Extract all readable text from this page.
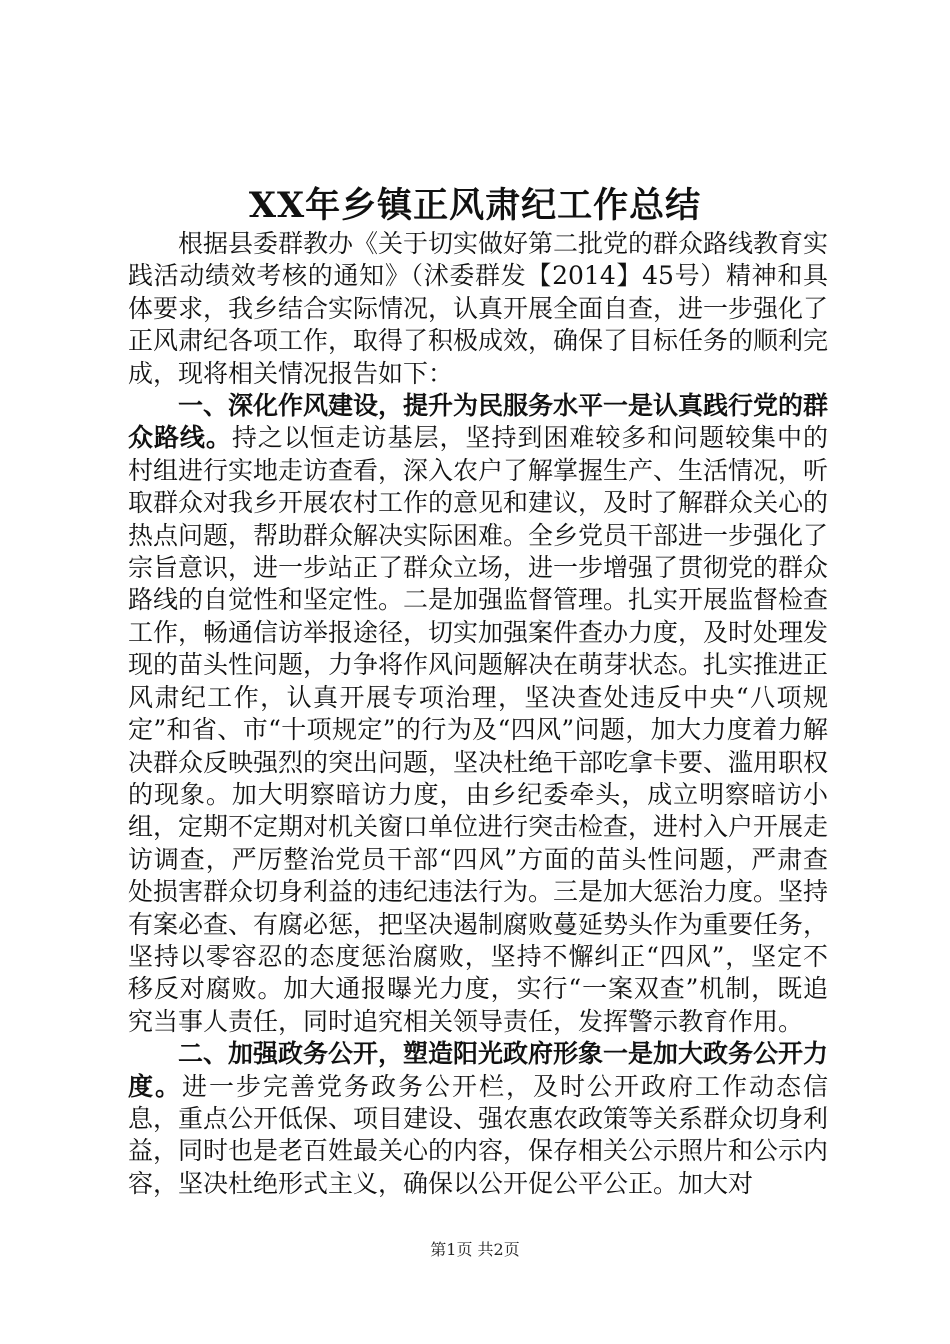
XX年乡镇正风肃纪工作总结

根据县委群教办《关于切实做好第二批党的群众路线教育实践活动绩效考核的通知》（沭委群发【2014】45号）精神和具体要求，我乡结合实际情况，认真开展全面自查，进一步强化了正风肃纪各项工作，取得了积极成效，确保了目标任务的顺利完成，现将相关情况报告如下：

一、深化作风建设，提升为民服务水平一是认真践行党的群众路线。持之以恒走访基层，坚持到困难较多和问题较集中的村组进行实地走访查看，深入农户了解掌握生产、生活情况，听取群众对我乡开展农村工作的意见和建议，及时了解群众关心的热点问题，帮助群众解决实际困难。全乡党员干部进一步强化了宗旨意识，进一步站正了群众立场，进一步增强了贯彻党的群众路线的自觉性和坚定性。二是加强监督管理。扎实开展监督检查工作，畅通信访举报途径，切实加强案件查办力度，及时处理发现的苗头性问题，力争将作风问题解决在萌芽状态。扎实推进正风肃纪工作，认真开展专项治理，坚决查处违反中央“八项规定”和省、市“十项规定”的行为及“四风”问题，加大力度着力解决群众反映强烈的突出问题，坚决杜绝干部吃拿卡要、滥用职权的现象。加大明察暗访力度，由乡纪委牵头，成立明察暗访小组，定期不定期对机关窗口单位进行突击检查，进村入户开展走访调查，严厉整治党员干部“四风”方面的苗头性问题，严肃查处损害群众切身利益的违纪违法行为。三是加大惩治力度。坚持有案必查、有腐必惩，把坚决遏制腐败蔓延势头作为重要任务，坚持以零容忍的态度惩治腐败，坚持不懈纠正“四风”，坚定不移反对腐败。加大通报曝光力度，实行“一案双查”机制，既追究当事人责任，同时追究相关领导责任，发挥警示教育作用。

二、加强政务公开，塑造阳光政府形象一是加大政务公开力度。进一步完善党务政务公开栏，及时公开政府工作动态信息，重点公开低保、项目建设、强农惠农政策等关系群众切身利益，同时也是老百姓最关心的内容，保存相关公示照片和公示内容，坚决杜绝形式主义，确保以公开促公平公正。加大对

第1页 共2页
